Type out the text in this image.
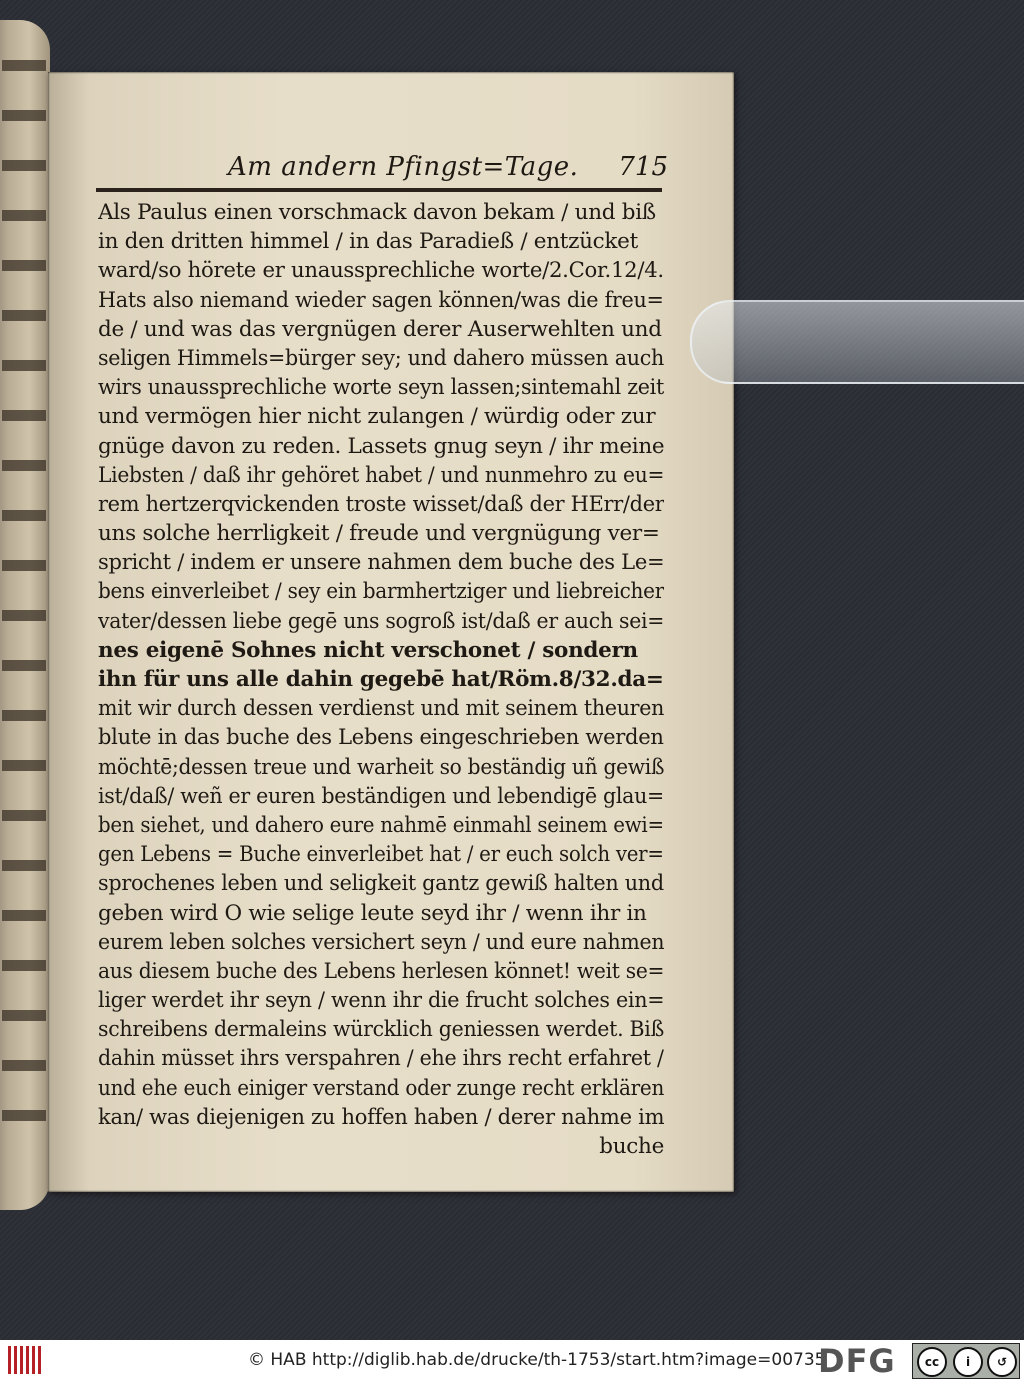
Am andern Pfingst=Tage. 715
Als Paulus einen vorschmack davon bekam / und biß
in den dritten himmel / in das Paradieß / entzücket
ward/so hörete er unaussprechliche worte/2.Cor.12/4.
Hats also niemand wieder sagen können/was die freu=
de / und was das vergnügen derer Auserwehlten und
seligen Himmels=bürger sey; und dahero müssen auch
wirs unaussprechliche worte seyn lassen;sintemahl zeit
und vermögen hier nicht zulangen / würdig oder zur
gnüge davon zu reden. Lassets gnug seyn / ihr meine
Liebsten / daß ihr gehöret habet / und nunmehro zu eu=
rem hertzerqvickenden troste wisset/daß der HErr/der
uns solche herrligkeit / freude und vergnügung ver=
spricht / indem er unsere nahmen dem buche des Le=
bens einverleibet / sey ein barmhertziger und liebreicher
vater/dessen liebe gegē uns sogroß ist/daß er auch sei=
nes eigenē Sohnes nicht verschonet / sondern
ihn für uns alle dahin gegebē hat/Röm.8/32.da=
mit wir durch dessen verdienst und mit seinem theuren
blute in das buche des Lebens eingeschrieben werden
möchtē;dessen treue und warheit so beständig uñ gewiß
ist/daß/ weñ er euren beständigen und lebendigē glau=
ben siehet, und dahero eure nahmē einmahl seinem ewi=
gen Lebens = Buche einverleibet hat / er euch solch ver=
sprochenes leben und seligkeit gantz gewiß halten und
geben wird O wie selige leute seyd ihr / wenn ihr in
eurem leben solches versichert seyn / und eure nahmen
aus diesem buche des Lebens herlesen könnet! weit se=
liger werdet ihr seyn / wenn ihr die frucht solches ein=
schreibens dermaleins würcklich geniessen werdet. Biß
dahin müsset ihrs verspahren / ehe ihrs recht erfahret /
und ehe euch einiger verstand oder zunge recht erklären
kan/ was diejenigen zu hoffen haben / derer nahme im
buche
© HAB http://diglib.hab.de/drucke/th-1753/start.htm?image=00735
DFG	cc	i	↺
